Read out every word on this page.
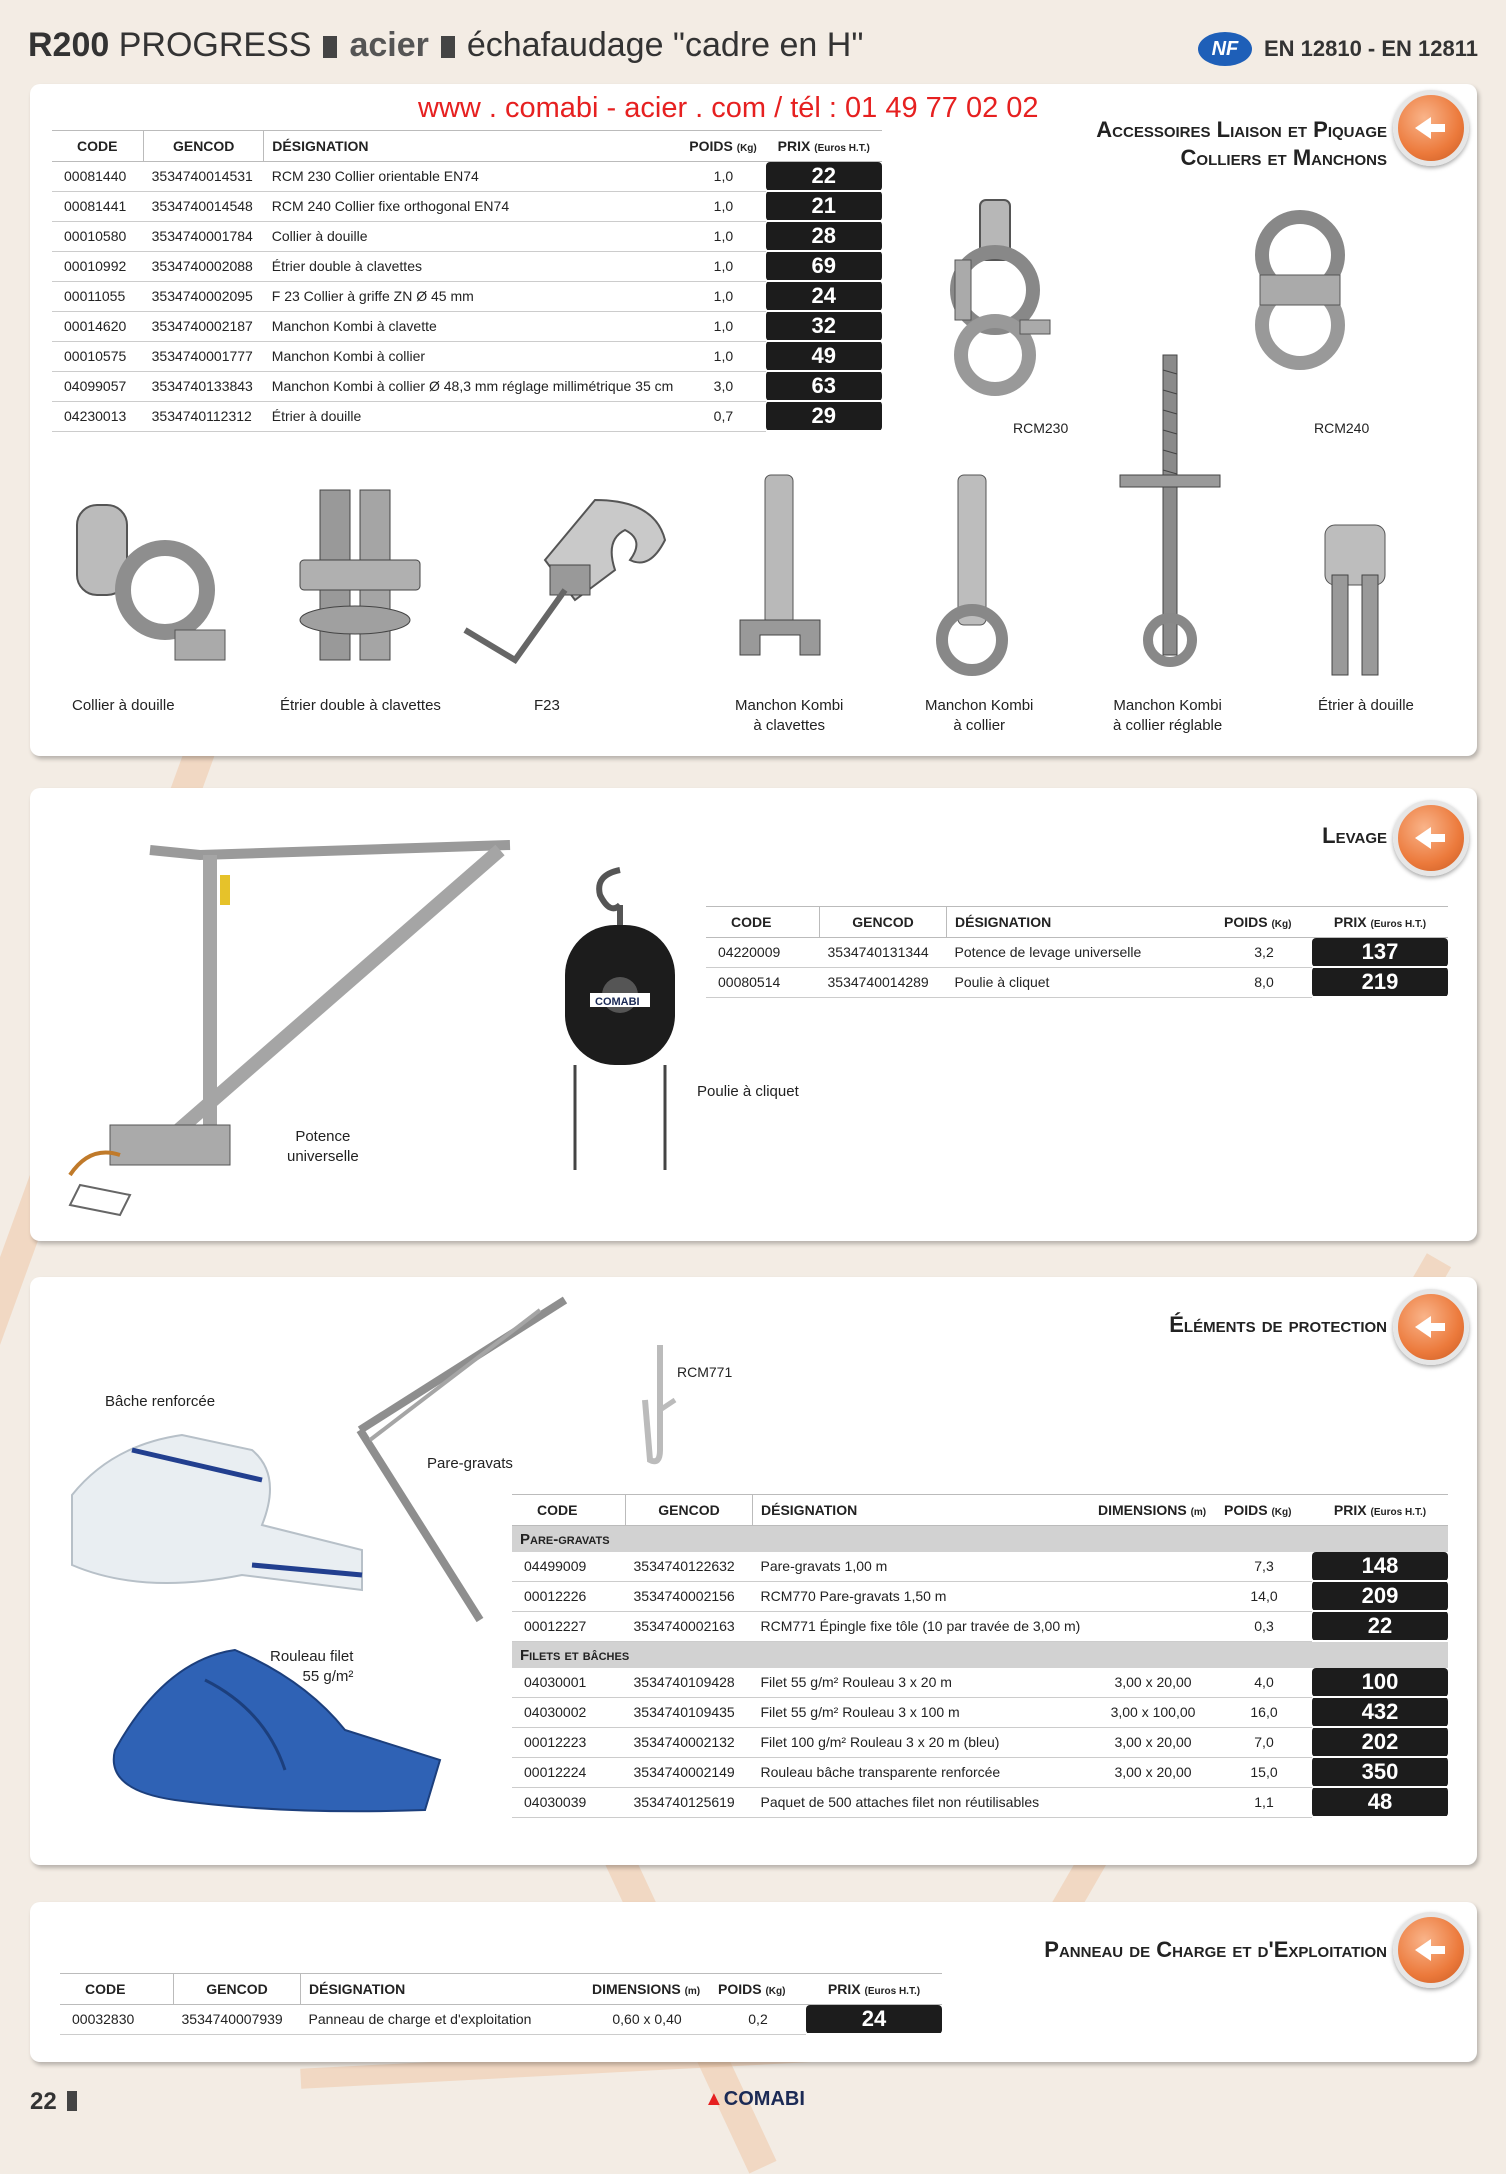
R200 PROGRESS acier échafaudage "cadre en H"	NF	EN 12810 - EN 12811
Accessoires Liaison et Piquage
Colliers et Manchons
www . comabi - acier . com / tél : 01 49 77 02 02
CODE	GENCOD	DÉSIGNATION	POIDS (Kg)	PRIX (Euros H.T.)
00081440	3534740014531	RCM 230 Collier orientable EN74	1,0	22
00081441	3534740014548	RCM 240 Collier fixe orthogonal EN74	1,0	21
00010580	3534740001784	Collier à douille	1,0	28
00010992	3534740002088	Étrier double à clavettes	1,0	69
00011055	3534740002095	F 23 Collier à griffe ZN Ø 45 mm	1,0	24
00014620	3534740002187	Manchon Kombi à clavette	1,0	32
00010575	3534740001777	Manchon Kombi à collier	1,0	49
04099057	3534740133843	Manchon Kombi à collier Ø 48,3 mm réglage millimétrique 35 cm	3,0	63
04230013	3534740112312	Étrier à douille	0,7	29	RCM230	RCM240
Collier à douille	Étrier double à clavettes	F23	Manchon Kombi
à clavettes
Manchon Kombi
à collier
Manchon Kombi
à collier réglable
Étrier à douille
Levage
COMABI
Potence
universelle
Poulie à cliquet
CODE	GENCOD	DÉSIGNATION	POIDS (Kg)	PRIX (Euros H.T.)
04220009	3534740131344	Potence de levage universelle	3,2	137
00080514	3534740014289	Poulie à cliquet	8,0	219
Éléments de protection
Bâche renforcée
Pare-gravats
RCM771
Rouleau filet
55 g/m²
CODE	GENCOD	DÉSIGNATION	DIMENSIONS (m)	POIDS (Kg)	PRIX (Euros H.T.)
Pare-gravats					
04499009	3534740122632	Pare-gravats 1,00 m		7,3	148
00012226	3534740002156	RCM770 Pare-gravats 1,50 m		14,0	209
00012227	3534740002163	RCM771 Épingle fixe tôle (10 par travée de 3,00 m)		0,3	22
Filets et bâches					
04030001	3534740109428	Filet 55 g/m² Rouleau 3 x 20 m	3,00 x 20,00	4,0	100
04030002	3534740109435	Filet 55 g/m² Rouleau 3 x 100 m	3,00 x 100,00	16,0	432
00012223	3534740002132	Filet 100 g/m² Rouleau 3 x 20 m (bleu)	3,00 x 20,00	7,0	202
00012224	3534740002149	Rouleau bâche transparente renforcée	3,00 x 20,00	15,0	350
04030039	3534740125619	Paquet de 500 attaches filet non réutilisables		1,1	48
Panneau de Charge et d'Exploitation
CODE	GENCOD	DÉSIGNATION	DIMENSIONS (m)	POIDS (Kg)	PRIX (Euros H.T.)
00032830	3534740007939	Panneau de charge et d'exploitation	0,60 x 0,40	0,2	24
22	▲COMABI
